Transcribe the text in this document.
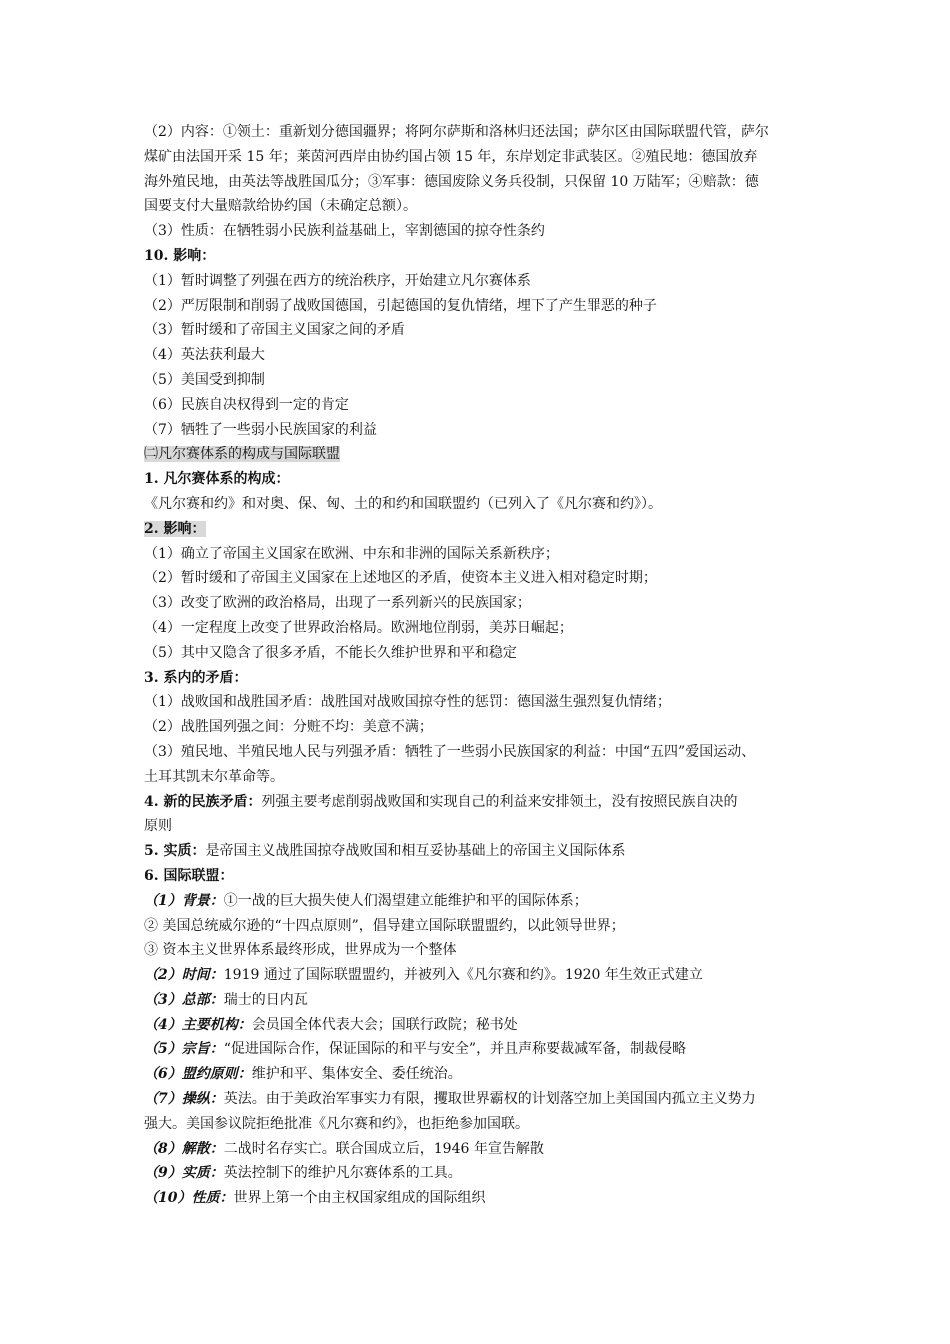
（2）内容：①领土：重新划分德国疆界；将阿尔萨斯和洛林归还法国；萨尔区由国际联盟代管，萨尔
煤矿由法国开采 15 年；莱茵河西岸由协约国占领 15 年，东岸划定非武装区。②殖民地：德国放弃
海外殖民地，由英法等战胜国瓜分；③军事：德国废除义务兵役制，只保留 10 万陆军；④赔款：德
国要支付大量赔款给协约国（未确定总额）。
（3）性质：在牺牲弱小民族利益基础上，宰割德国的掠夺性条约
10. 影响：
（1）暂时调整了列强在西方的统治秩序，开始建立凡尔赛体系
（2）严厉限制和削弱了战败国德国，引起德国的复仇情绪，埋下了产生罪恶的种子
（3）暂时缓和了帝国主义国家之间的矛盾
（4）英法获利最大
（5）美国受到抑制
（6）民族自决权得到一定的肯定
（7）牺牲了一些弱小民族国家的利益
㈡凡尔赛体系的构成与国际联盟
1. 凡尔赛体系的构成：
《凡尔赛和约》和对奥、保、匈、土的和约和国联盟约（已列入了《凡尔赛和约》）。
2. 影响：
（1）确立了帝国主义国家在欧洲、中东和非洲的国际关系新秩序；
（2）暂时缓和了帝国主义国家在上述地区的矛盾，使资本主义进入相对稳定时期；
（3）改变了欧洲的政治格局，出现了一系列新兴的民族国家；
（4）一定程度上改变了世界政治格局。欧洲地位削弱，美苏日崛起；
（5）其中又隐含了很多矛盾，不能长久维护世界和平和稳定
3. 系内的矛盾：
（1）战败国和战胜国矛盾：战胜国对战败国掠夺性的惩罚：德国滋生强烈复仇情绪；
（2）战胜国列强之间：分赃不均：美意不满；
（3）殖民地、半殖民地人民与列强矛盾：牺牲了一些弱小民族国家的利益：中国“五四”爱国运动、
土耳其凯末尔革命等。
4. 新的民族矛盾：列强主要考虑削弱战败国和实现自己的利益来安排领土，没有按照民族自决的
原则
5. 实质：是帝国主义战胜国掠夺战败国和相互妥协基础上的帝国主义国际体系
6. 国际联盟：
（1）背景：①一战的巨大损失使人们渴望建立能维护和平的国际体系；
② 美国总统威尔逊的“十四点原则”，倡导建立国际联盟盟约，以此领导世界；
③ 资本主义世界体系最终形成，世界成为一个整体
（2）时间：1919 通过了国际联盟盟约，并被列入《凡尔赛和约》。1920 年生效正式建立
（3）总部：瑞士的日内瓦
（4）主要机构：会员国全体代表大会；国联行政院；秘书处
（5）宗旨：“促进国际合作，保证国际的和平与安全”，并且声称要裁减军备，制裁侵略
（6）盟约原则：维护和平、集体安全、委任统治。
（7）操纵：英法。由于美政治军事实力有限，攫取世界霸权的计划落空加上美国国内孤立主义势力
强大。美国参议院拒绝批准《凡尔赛和约》，也拒绝参加国联。
（8）解散：二战时名存实亡。联合国成立后，1946 年宣告解散
（9）实质：英法控制下的维护凡尔赛体系的工具。
（10）性质：世界上第一个由主权国家组成的国际组织
